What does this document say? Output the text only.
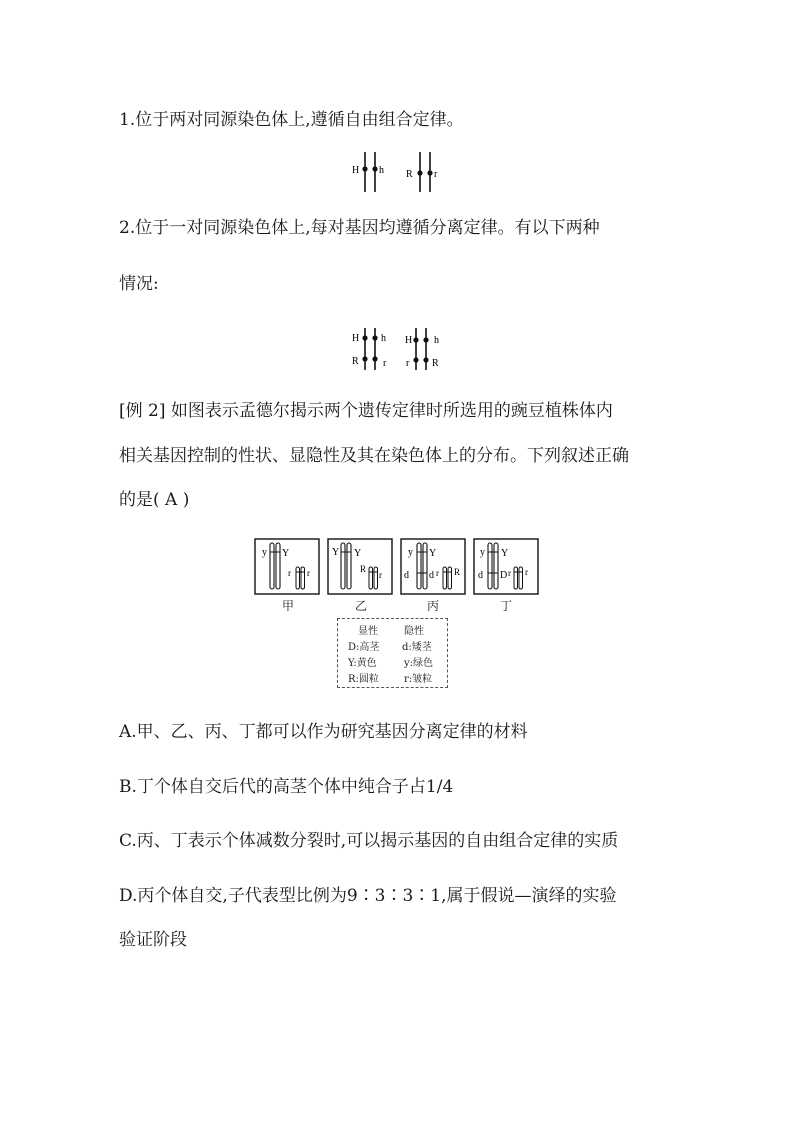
1.位于两对同源染色体上,遵循自由组合定律。
H h R r
2.位于一对同源染色体上,每对基因均遵循分离定律。有以下两种
情况:
H h
R r
H h
r R
[例 2] 如图表示孟德尔揭示两个遗传定律时所选用的豌豆植株体内
相关基因控制的性状、显隐性及其在染色体上的分布。下列叙述正确
的是( A )
y Y
r r
Y Y
R
r
y Y
d d r R
y Y
d D r r
甲	乙	丙	丁
显性	隐性
D:高茎 d:矮茎
Y:黄色	y:绿色
R:圆粒	r:皱粒
A.甲、乙、丙、丁都可以作为研究基因分离定律的材料
B.丁个体自交后代的高茎个体中纯合子占1/4
C.丙、丁表示个体减数分裂时,可以揭示基因的自由组合定律的实质
D.丙个体自交,子代表型比例为9∶3∶3∶1,属于假说—演绎的实验
验证阶段
